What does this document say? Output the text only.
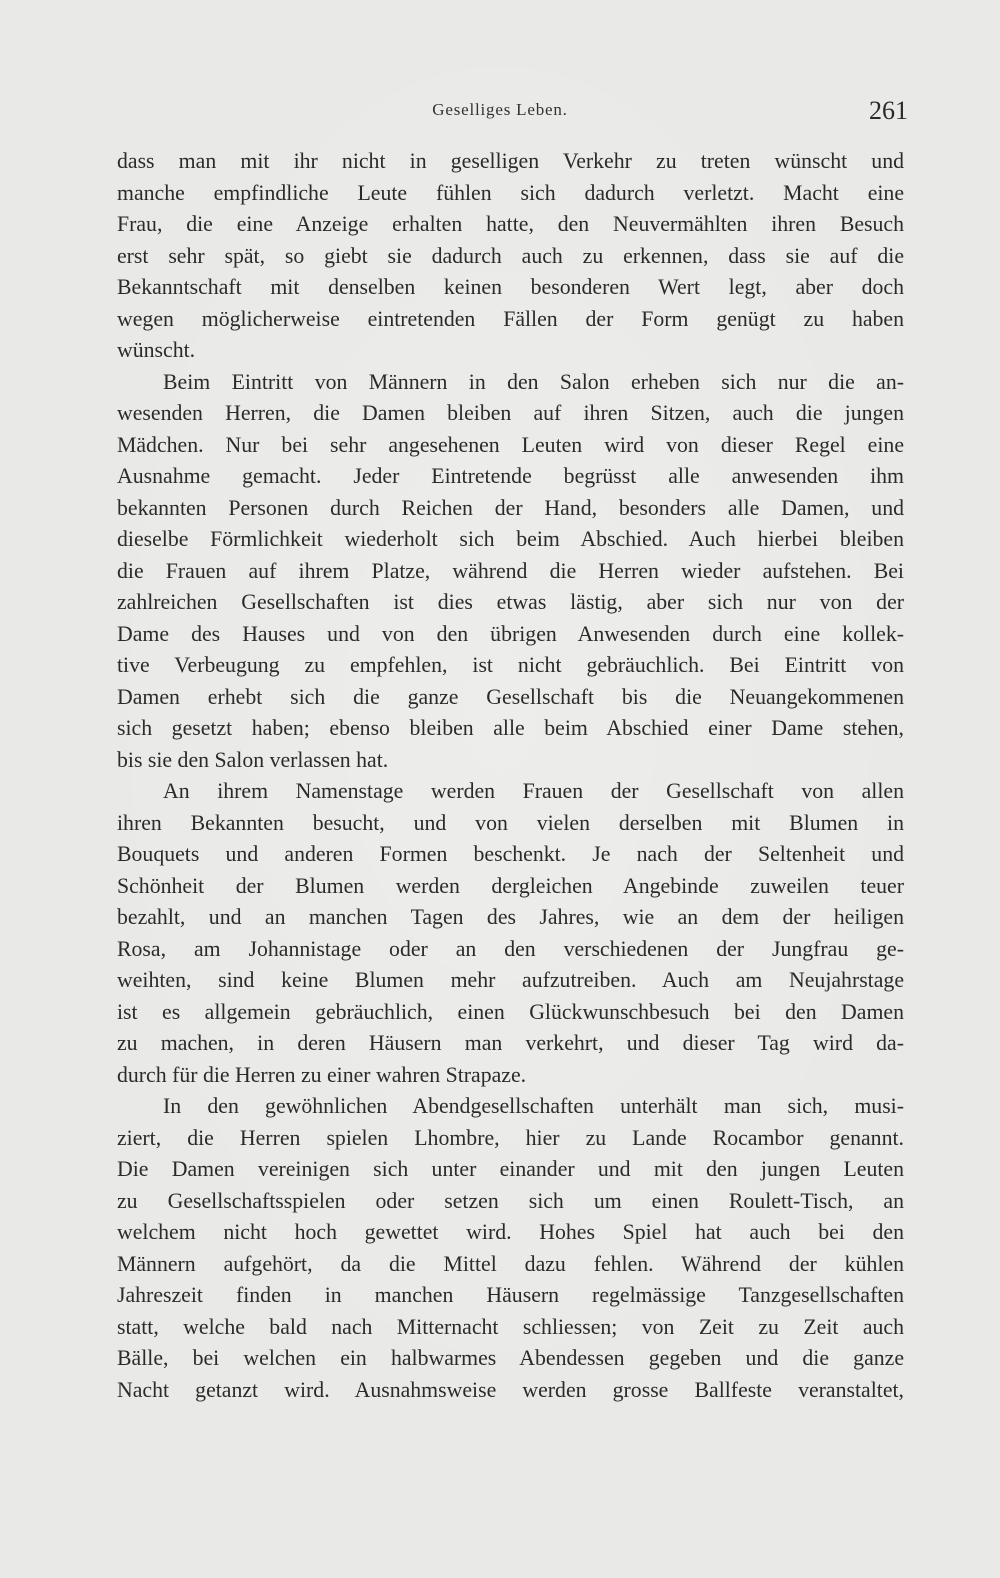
Geselliges Leben.	261
dass man mit ihr nicht in geselligen Verkehr zu treten wünscht und
manche empfindliche Leute fühlen sich dadurch verletzt. Macht eine
Frau, die eine Anzeige erhalten hatte, den Neuvermählten ihren Besuch
erst sehr spät, so giebt sie dadurch auch zu erkennen, dass sie auf die
Bekanntschaft mit denselben keinen besonderen Wert legt, aber doch
wegen möglicherweise eintretenden Fällen der Form genügt zu haben
wünscht.
Beim Eintritt von Männern in den Salon erheben sich nur die an-
wesenden Herren, die Damen bleiben auf ihren Sitzen, auch die jungen
Mädchen. Nur bei sehr angesehenen Leuten wird von dieser Regel eine
Ausnahme gemacht. Jeder Eintretende begrüsst alle anwesenden ihm
bekannten Personen durch Reichen der Hand, besonders alle Damen, und
dieselbe Förmlichkeit wiederholt sich beim Abschied. Auch hierbei bleiben
die Frauen auf ihrem Platze, während die Herren wieder aufstehen. Bei
zahlreichen Gesellschaften ist dies etwas lästig, aber sich nur von der
Dame des Hauses und von den übrigen Anwesenden durch eine kollek-
tive Verbeugung zu empfehlen, ist nicht gebräuchlich. Bei Eintritt von
Damen erhebt sich die ganze Gesellschaft bis die Neuangekommenen
sich gesetzt haben; ebenso bleiben alle beim Abschied einer Dame stehen,
bis sie den Salon verlassen hat.
An ihrem Namenstage werden Frauen der Gesellschaft von allen
ihren Bekannten besucht, und von vielen derselben mit Blumen in
Bouquets und anderen Formen beschenkt. Je nach der Seltenheit und
Schönheit der Blumen werden dergleichen Angebinde zuweilen teuer
bezahlt, und an manchen Tagen des Jahres, wie an dem der heiligen
Rosa, am Johannistage oder an den verschiedenen der Jungfrau ge-
weihten, sind keine Blumen mehr aufzutreiben. Auch am Neujahrstage
ist es allgemein gebräuchlich, einen Glückwunschbesuch bei den Damen
zu machen, in deren Häusern man verkehrt, und dieser Tag wird da-
durch für die Herren zu einer wahren Strapaze.
In den gewöhnlichen Abendgesellschaften unterhält man sich, musi-
ziert, die Herren spielen Lhombre, hier zu Lande Rocambor genannt.
Die Damen vereinigen sich unter einander und mit den jungen Leuten
zu Gesellschaftsspielen oder setzen sich um einen Roulett-Tisch, an
welchem nicht hoch gewettet wird. Hohes Spiel hat auch bei den
Männern aufgehört, da die Mittel dazu fehlen. Während der kühlen
Jahreszeit finden in manchen Häusern regelmässige Tanzgesellschaften
statt, welche bald nach Mitternacht schliessen; von Zeit zu Zeit auch
Bälle, bei welchen ein halbwarmes Abendessen gegeben und die ganze
Nacht getanzt wird. Ausnahmsweise werden grosse Ballfeste veranstaltet,
